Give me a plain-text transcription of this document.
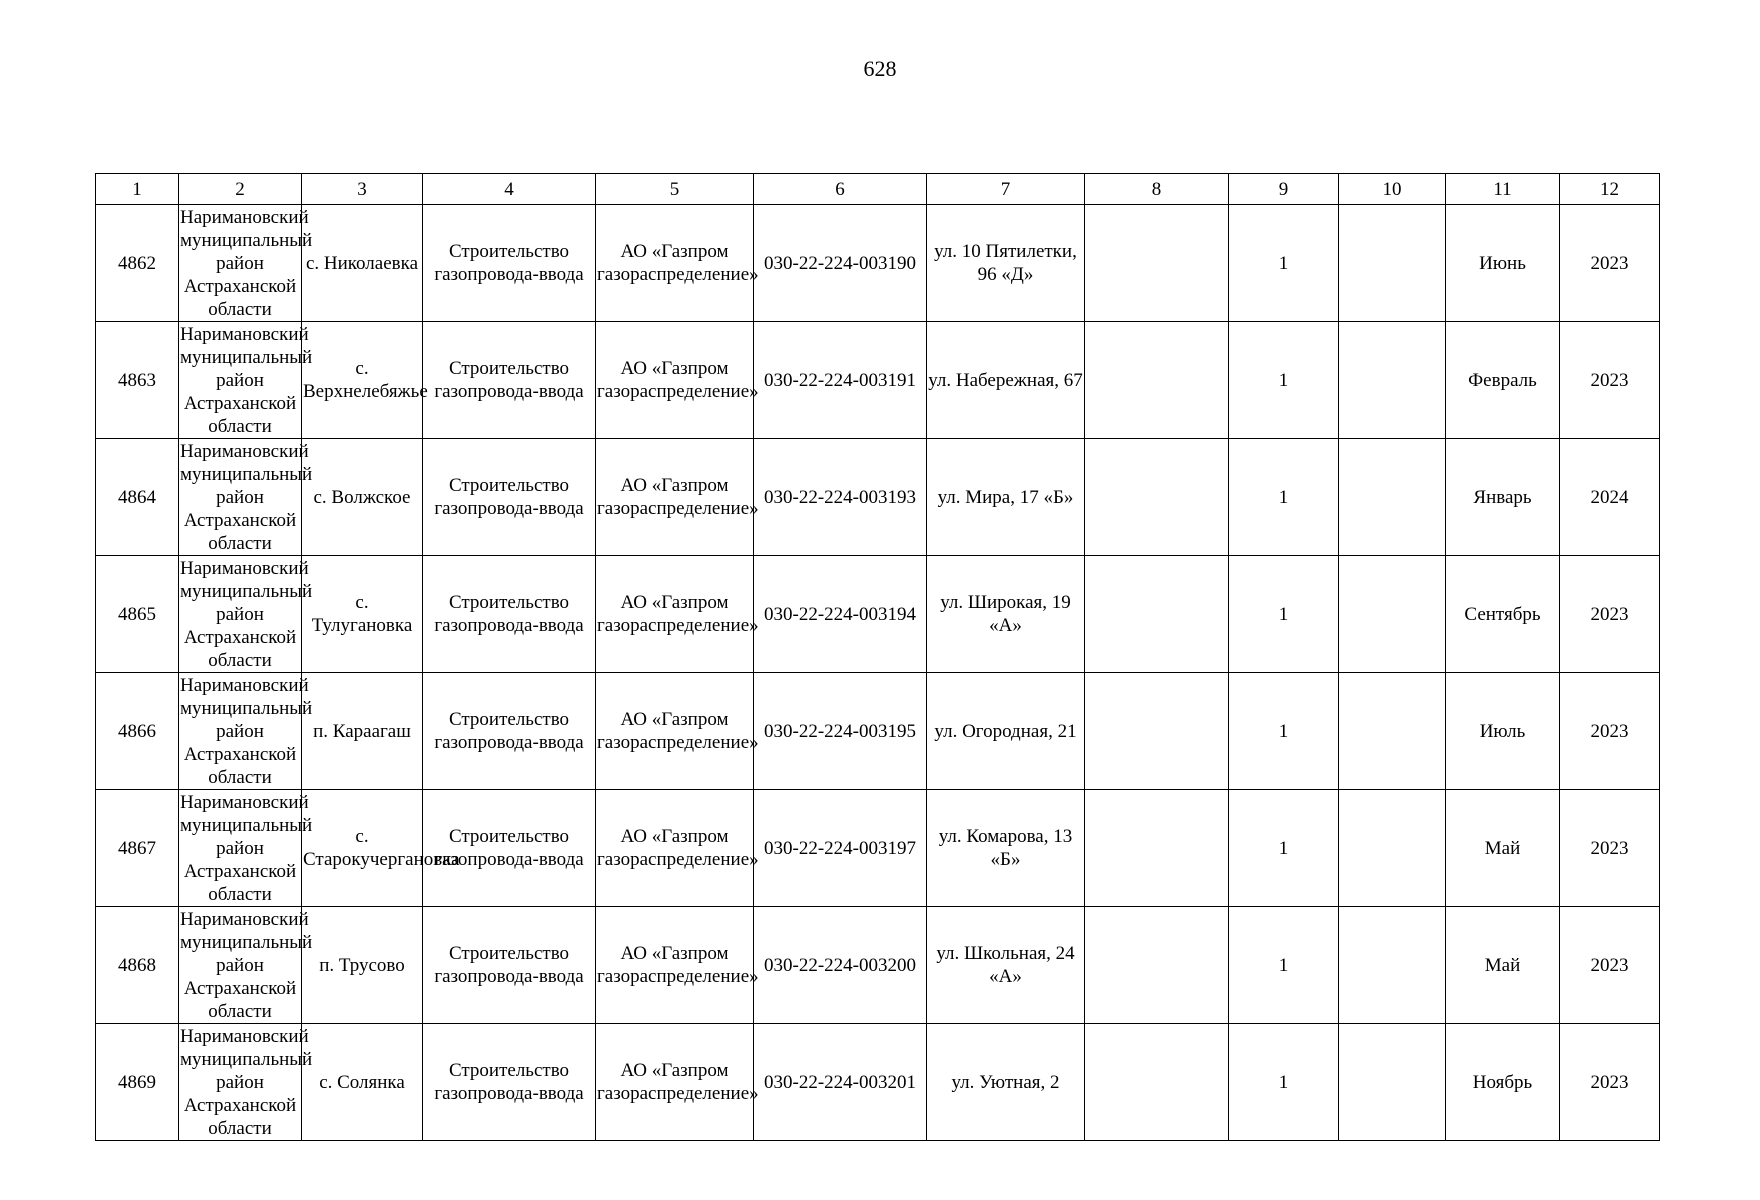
628
1	2	3	4	5	6	7	8	9	10	11	12
4862	Наримановский муниципальный район Астраханской области	с. Николаевка	Строительство газопровода-ввода	АО «Газпром газораспределение»	030-22-224-003190	ул. 10 Пятилетки, 96 «Д»		1		Июнь	2023
4863	Наримановский муниципальный район Астраханской области	с. Верхнелебяжье	Строительство газопровода-ввода	АО «Газпром газораспределение»	030-22-224-003191	ул. Набережная, 67		1		Февраль	2023
4864	Наримановский муниципальный район Астраханской области	с. Волжское	Строительство газопровода-ввода	АО «Газпром газораспределение»	030-22-224-003193	ул. Мира, 17 «Б»		1		Январь	2024
4865	Наримановский муниципальный район Астраханской области	с. Тулугановка	Строительство газопровода-ввода	АО «Газпром газораспределение»	030-22-224-003194	ул. Широкая, 19 «А»		1		Сентябрь	2023
4866	Наримановский муниципальный район Астраханской области	п. Караагаш	Строительство газопровода-ввода	АО «Газпром газораспределение»	030-22-224-003195	ул. Огородная, 21		1		Июль	2023
4867	Наримановский муниципальный район Астраханской области	с. Старокучергановка	Строительство газопровода-ввода	АО «Газпром газораспределение»	030-22-224-003197	ул. Комарова, 13 «Б»		1		Май	2023
4868	Наримановский муниципальный район Астраханской области	п. Трусово	Строительство газопровода-ввода	АО «Газпром газораспределение»	030-22-224-003200	ул. Школьная, 24 «А»		1		Май	2023
4869	Наримановский муниципальный район Астраханской области	с. Солянка	Строительство газопровода-ввода	АО «Газпром газораспределение»	030-22-224-003201	ул. Уютная, 2		1		Ноябрь	2023
